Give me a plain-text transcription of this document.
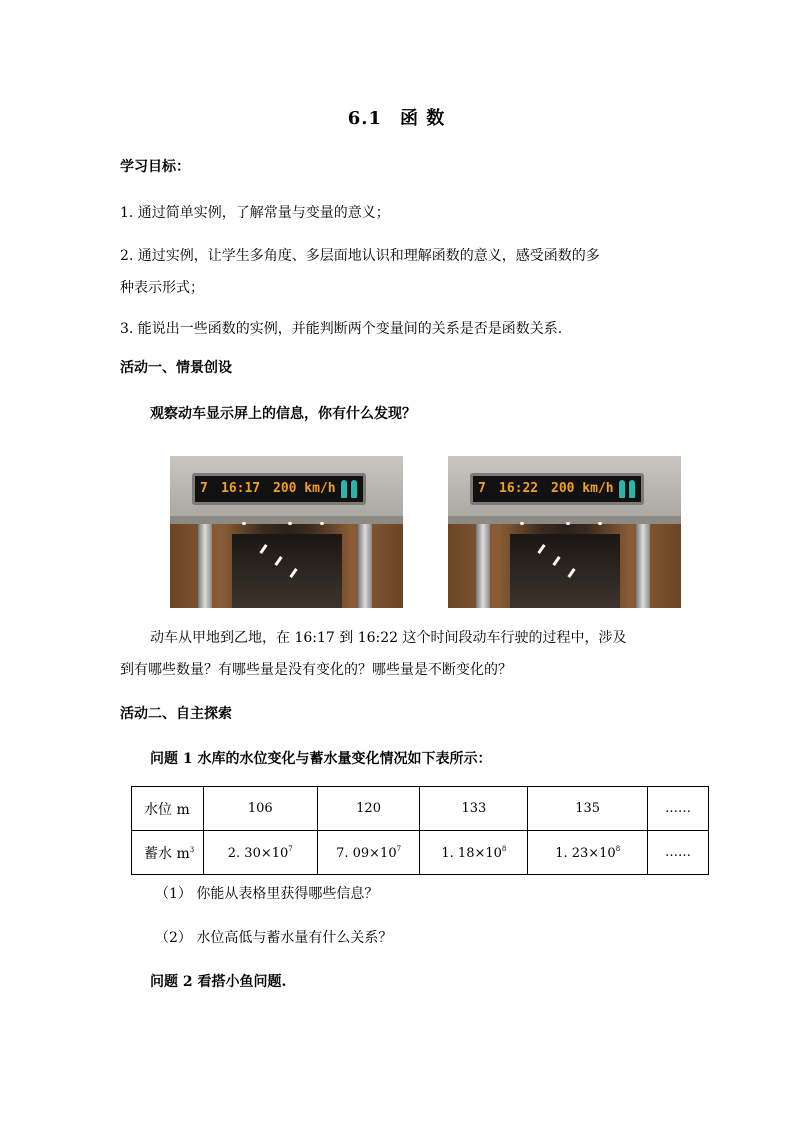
6.1 函 数
学习目标：
1. 通过简单实例，了解常量与变量的意义；
2. 通过实例，让学生多角度、多层面地认识和理解函数的意义，感受函数的多
种表示形式；
3. 能说出一些函数的实例，并能判断两个变量间的关系是否是函数关系.
活动一、情景创设
观察动车显示屏上的信息，你有什么发现？
7 16:17 200 km/h	7 16:22 200 km/h
动车从甲地到乙地，在 16:17 到 16:22 这个时间段动车行驶的过程中，涉及
到有哪些数量？有哪些量是没有变化的？哪些量是不断变化的？
活动二、自主探索
问题 1 水库的水位变化与蓄水量变化情况如下表所示：
水位 m	106	120	133	135	……
蓄水 $m^3$	2. $30\times 10^7$	7. $09\times 10^7$	1. $18\times 10^8$	1. $23\times 10^8$	……
（1） 你能从表格里获得哪些信息？
（2） 水位高低与蓄水量有什么关系？
问题 2 看搭小鱼问题.
